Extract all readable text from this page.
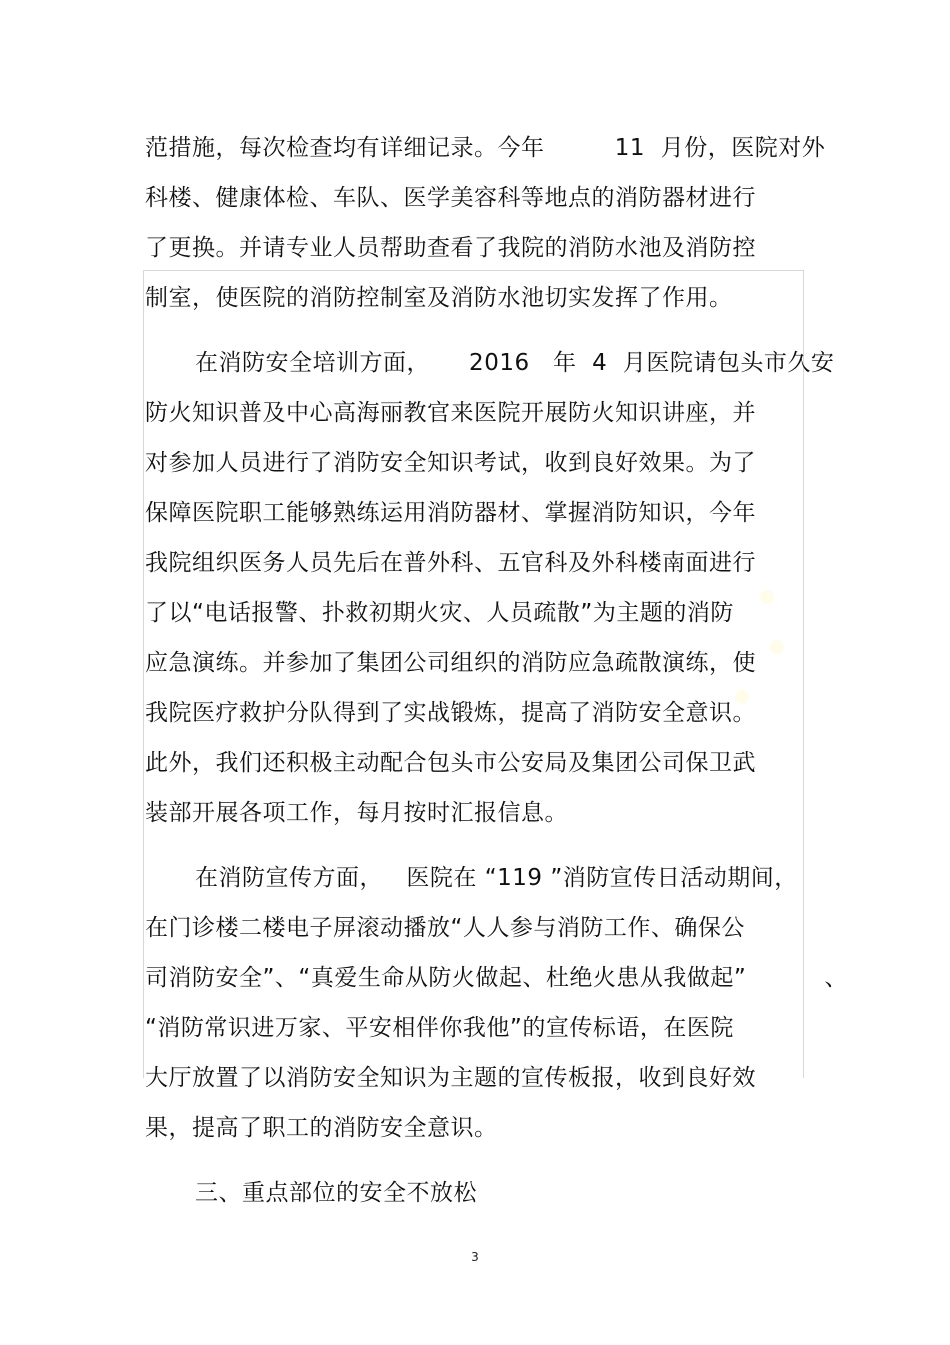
范措施，每次检查均有详细记录。今年         11  月份，医院对外
科楼、健康体检、车队、医学美容科等地点的消防器材进行
了更换。并请专业人员帮助查看了我院的消防水池及消防控
制室，使医院的消防控制室及消防水池切实发挥了作用。
在消防安全培训方面，     2016   年  4  月医院请包头市久安
防火知识普及中心高海丽教官来医院开展防火知识讲座，并
对参加人员进行了消防安全知识考试，收到良好效果。为了
保障医院职工能够熟练运用消防器材、掌握消防知识，今年
我院组织医务人员先后在普外科、五官科及外科楼南面进行
了以“电话报警、扑救初期火灾、人员疏散”为主题的消防
应急演练。并参加了集团公司组织的消防应急疏散演练，使
我院医疗救护分队得到了实战锻炼，提高了消防安全意识。
此外，我们还积极主动配合包头市公安局及集团公司保卫武
装部开展各项工作，每月按时汇报信息。
在消防宣传方面，   医院在 “119 ”消防宣传日活动期间，
在门诊楼二楼电子屏滚动播放“人人参与消防工作、确保公
司消防安全”、“真爱生命从防火做起、杜绝火患从我做起”          、
“消防常识进万家、平安相伴你我他”的宣传标语，在医院
大厅放置了以消防安全知识为主题的宣传板报，收到良好效
果，提高了职工的消防安全意识。
三、重点部位的安全不放松
3
